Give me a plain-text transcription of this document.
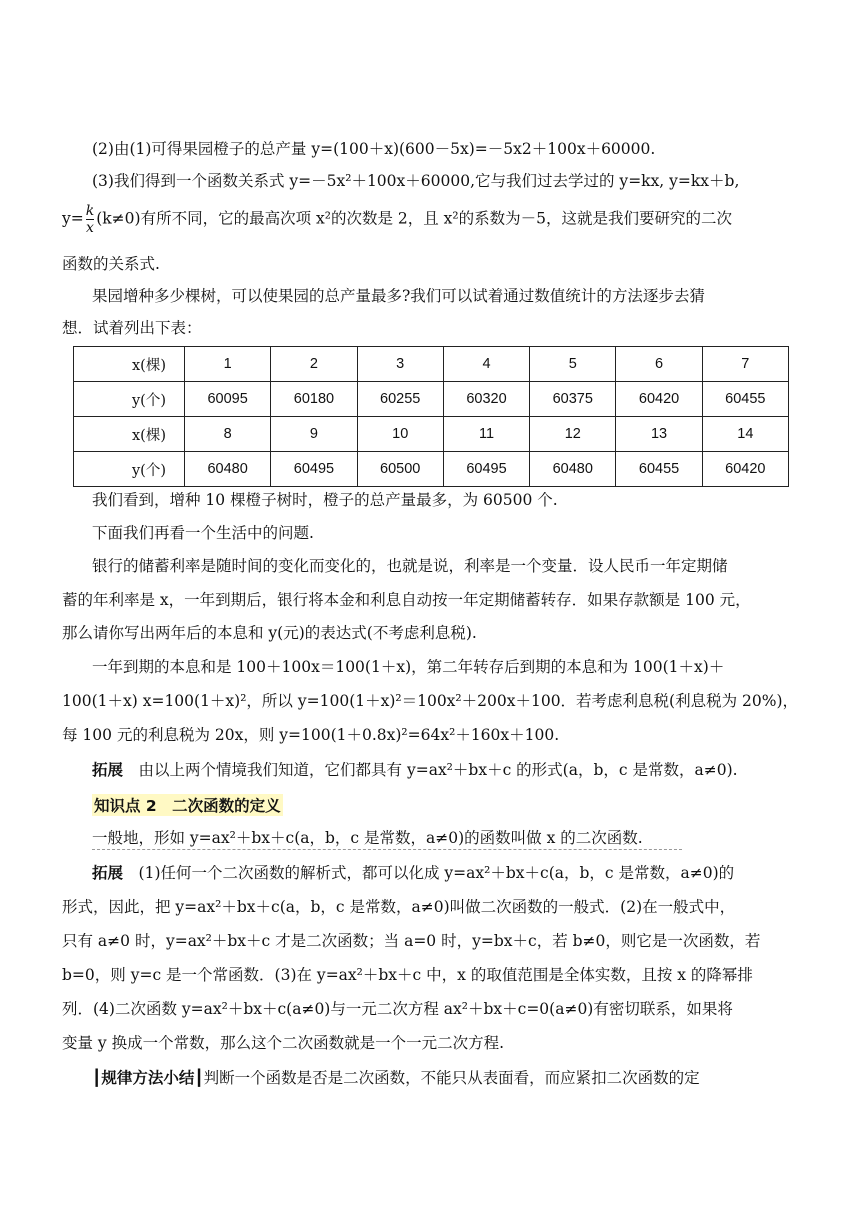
(2)由(1)可得果园橙子的总产量 y=(100＋x)(600－5x)=－5x2＋100x＋60000.
(3)我们得到一个函数关系式 y=－5x²＋100x＋60000,它与我们过去学过的 y=kx, y=kx＋b,
$y= \frac{k}{x} (k\ne 0)$有所不同，它的最高次项 x²的次数是 2，且 x²的系数为－5，这就是我们要研究的二次
函数的关系式.
果园增种多少棵树，可以使果园的总产量最多?我们可以试着通过数值统计的方法逐步去猜
想．试着列出下表：
x(棵)	1	2	3	4	5	6	7
y(个)	60095	60180	60255	60320	60375	60420	60455
x(棵)	8	9	10	11	12	13	14
y(个)	60480	60495	60500	60495	60480	60455	60420
我们看到，增种 10 棵橙子树时，橙子的总产量最多，为 60500 个.
下面我们再看一个生活中的问题.
银行的储蓄利率是随时间的变化而变化的，也就是说，利率是一个变量．设人民币一年定期储
蓄的年利率是 x，一年到期后，银行将本金和利息自动按一年定期储蓄转存．如果存款额是 100 元，
那么请你写出两年后的本息和 y(元)的表达式(不考虑利息税).
一年到期的本息和是 100＋100x＝100(1＋x)，第二年转存后到期的本息和为 100(1＋x)＋
100(1＋x) x=100(1＋x)²，所以 y=100(1＋x)²＝100x²＋200x＋100．若考虑利息税(利息税为 20%)，
每 100 元的利息税为 20x，则 y=100(1＋0.8x)²=64x²＋160x＋100.
拓展　 由以上两个情境我们知道，它们都具有 y=ax²＋bx＋c 的形式(a，b，c 是常数，a≠0).
知识点 2　二次函数的定义
一般地，形如 y=ax²＋bx＋c(a，b，c 是常数，a≠0)的函数叫做 x 的二次函数.
拓展　 (1)任何一个二次函数的解析式，都可以化成 y=ax²＋bx＋c(a，b，c 是常数，a≠0)的
形式，因此，把 y=ax²＋bx＋c(a，b，c 是常数，a≠0)叫做二次函数的一般式．(2)在一般式中，
只有 a≠0 时，y=ax²＋bx＋c 才是二次函数；当 a=0 时，y=bx＋c，若 b≠0，则它是一次函数，若
b=0，则 y=c 是一个常函数．(3)在 y=ax²＋bx＋c 中，x 的取值范围是全体实数，且按 x 的降幂排
列．(4)二次函数 y=ax²＋bx＋c(a≠0)与一元二次方程 ax²＋bx＋c=0(a≠0)有密切联系，如果将
变量 y 换成一个常数，那么这个二次函数就是一个一元二次方程.
┃规律方法小结┃判断一个函数是否是二次函数，不能只从表面看，而应紧扣二次函数的定
